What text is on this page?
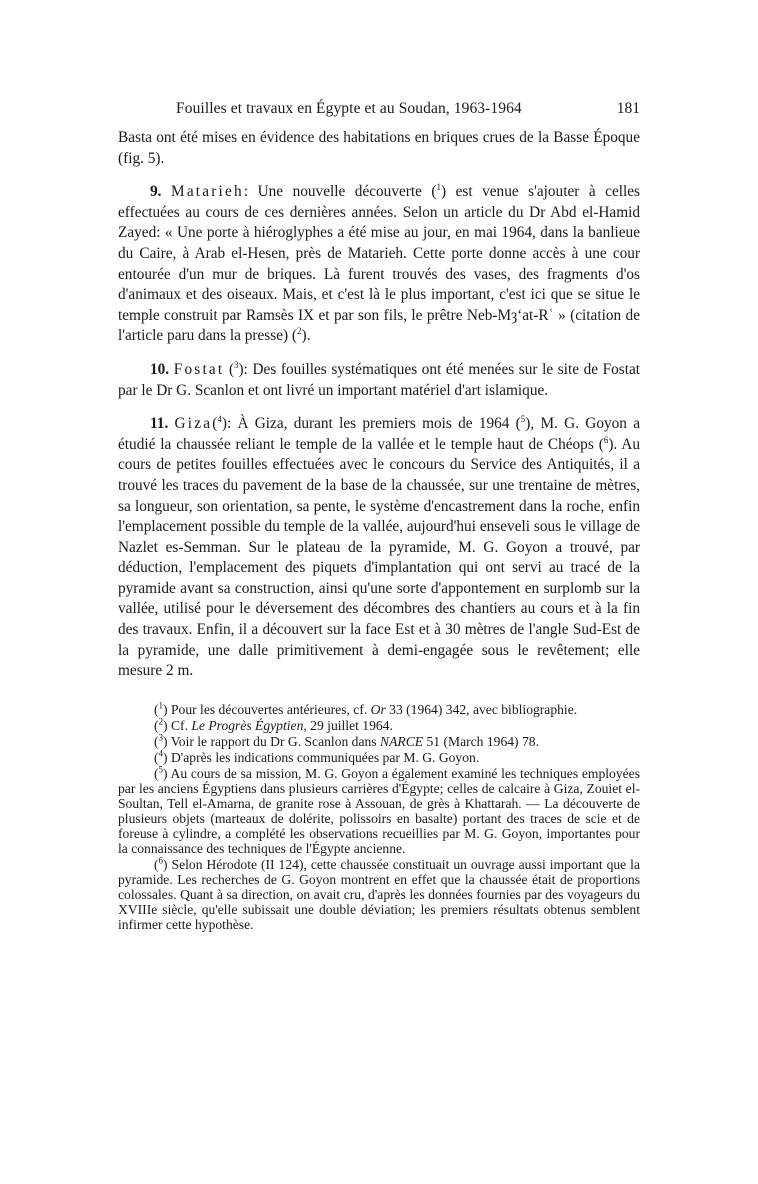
Fouilles et travaux en Égypte et au Soudan, 1963-1964	181

Basta ont été mises en évidence des habitations en briques crues de la Basse Époque (fig. 5).

9. Matarieh: Une nouvelle découverte ($^1$) est venue s'ajouter à celles effectuées au cours de ces dernières années. Selon un article du Dr Abd el-Hamid Zayed: « Une porte à hiéroglyphes a été mise au jour, en mai 1964, dans la banlieue du Caire, à Arab el-Hesen, près de Matarieh. Cette porte donne accès à une cour entourée d'un mur de briques. Là furent trouvés des vases, des fragments d'os d'animaux et des oiseaux. Mais, et c'est là le plus important, c'est ici que se situe le temple construit par Ramsès IX et par son fils, le prêtre Neb-Mȝ‘at-Rʿ » (citation de l'article paru dans la presse) ($^2$).

10. Fostat ($^3$): Des fouilles systématiques ont été menées sur le site de Fostat par le Dr G. Scanlon et ont livré un important matériel d'art islamique.

11. Giza($^4$): À Giza, durant les premiers mois de 1964 ($^5$), M. G. Goyon a étudié la chaussée reliant le temple de la vallée et le temple haut de Chéops ($^6$). Au cours de petites fouilles effectuées avec le concours du Service des Antiquités, il a trouvé les traces du pavement de la base de la chaussée, sur une trentaine de mètres, sa longueur, son orientation, sa pente, le système d'encastrement dans la roche, enfin l'emplacement possible du temple de la vallée, aujourd'hui enseveli sous le village de Nazlet es-Semman. Sur le plateau de la pyramide, M. G. Goyon a trouvé, par déduction, l'emplacement des piquets d'implantation qui ont servi au tracé de la pyramide avant sa construction, ainsi qu'une sorte d'appontement en surplomb sur la vallée, utilisé pour le déversement des décombres des chantiers au cours et à la fin des travaux. Enfin, il a découvert sur la face Est et à 30 mètres de l'angle Sud-Est de la pyramide, une dalle primitivement à demi-engagée sous le revêtement; elle mesure 2 m.

($^1$) Pour les découvertes antérieures, cf. Or 33 (1964) 342, avec bibliographie.
($^2$) Cf. Le Progrès Égyptien, 29 juillet 1964.
($^3$) Voir le rapport du Dr G. Scanlon dans NARCE 51 (March 1964) 78.
($^4$) D'après les indications communiquées par M. G. Goyon.
($^5$) Au cours de sa mission, M. G. Goyon a également examiné les techniques employées par les anciens Égyptiens dans plusieurs carrières d'Égypte; celles de calcaire à Giza, Zouiet el-Soultan, Tell el-Amarna, de granite rose à Assouan, de grès à Khattarah. — La découverte de plusieurs objets (marteaux de dolérite, polissoirs en basalte) portant des traces de scie et de foreuse à cylindre, a complété les observations recueillies par M. G. Goyon, importantes pour la connaissance des techniques de l'Égypte ancienne.
($^6$) Selon Hérodote (II 124), cette chaussée constituait un ouvrage aussi important que la pyramide. Les recherches de G. Goyon montrent en effet que la chaussée était de proportions colossales. Quant à sa direction, on avait cru, d'après les données fournies par des voyageurs du XVIIIe siècle, qu'elle subissait une double déviation; les premiers résultats obtenus semblent infirmer cette hypothèse.
